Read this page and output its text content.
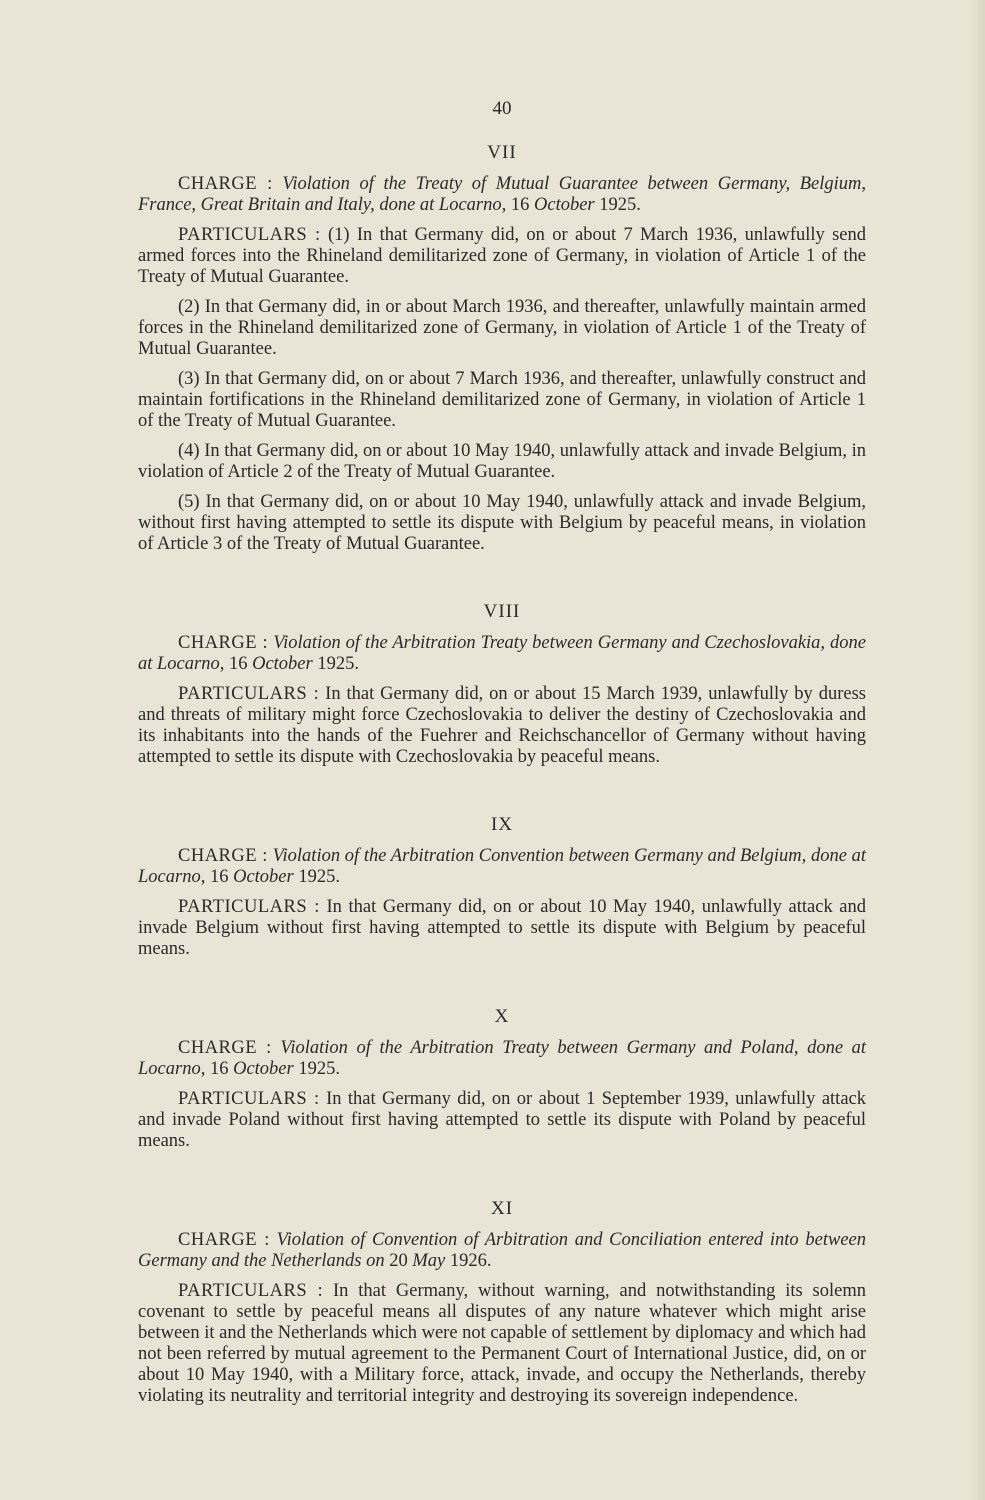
40
VII

CHARGE : Violation of the Treaty of Mutual Guarantee between Germany, Belgium, France, Great Britain and Italy, done at Locarno, 16 October 1925.

PARTICULARS : (1) In that Germany did, on or about 7 March 1936, unlawfully send armed forces into the Rhineland demilitarized zone of Germany, in violation of Article 1 of the Treaty of Mutual Guarantee.

(2) In that Germany did, in or about March 1936, and thereafter, unlawfully maintain armed forces in the Rhineland demilitarized zone of Germany, in violation of Article 1 of the Treaty of Mutual Guarantee.

(3) In that Germany did, on or about 7 March 1936, and thereafter, unlawfully construct and maintain fortifications in the Rhineland demilitarized zone of Germany, in violation of Article 1 of the Treaty of Mutual Guarantee.

(4) In that Germany did, on or about 10 May 1940, unlawfully attack and invade Belgium, in violation of Article 2 of the Treaty of Mutual Guarantee.

(5) In that Germany did, on or about 10 May 1940, unlawfully attack and invade Belgium, without first having attempted to settle its dispute with Belgium by peaceful means, in violation of Article 3 of the Treaty of Mutual Guarantee.

VIII

CHARGE : Violation of the Arbitration Treaty between Germany and Czechoslovakia, done at Locarno, 16 October 1925.

PARTICULARS : In that Germany did, on or about 15 March 1939, unlawfully by duress and threats of military might force Czechoslovakia to deliver the destiny of Czechoslovakia and its inhabitants into the hands of the Fuehrer and Reichschancellor of Germany without having attempted to settle its dispute with Czechoslovakia by peaceful means.

IX

CHARGE : Violation of the Arbitration Convention between Germany and Belgium, done at Locarno, 16 October 1925.

PARTICULARS : In that Germany did, on or about 10 May 1940, unlawfully attack and invade Belgium without first having attempted to settle its dispute with Belgium by peaceful means.

X

CHARGE : Violation of the Arbitration Treaty between Germany and Poland, done at Locarno, 16 October 1925.

PARTICULARS : In that Germany did, on or about 1 September 1939, unlawfully attack and invade Poland without first having attempted to settle its dispute with Poland by peaceful means.

XI

CHARGE : Violation of Convention of Arbitration and Conciliation entered into between Germany and the Netherlands on 20 May 1926.

PARTICULARS : In that Germany, without warning, and notwithstanding its solemn covenant to settle by peaceful means all disputes of any nature whatever which might arise between it and the Netherlands which were not capable of settlement by diplomacy and which had not been referred by mutual agreement to the Permanent Court of International Justice, did, on or about 10 May 1940, with a Military force, attack, invade, and occupy the Netherlands, thereby violating its neutrality and territorial integrity and destroying its sovereign independence.
